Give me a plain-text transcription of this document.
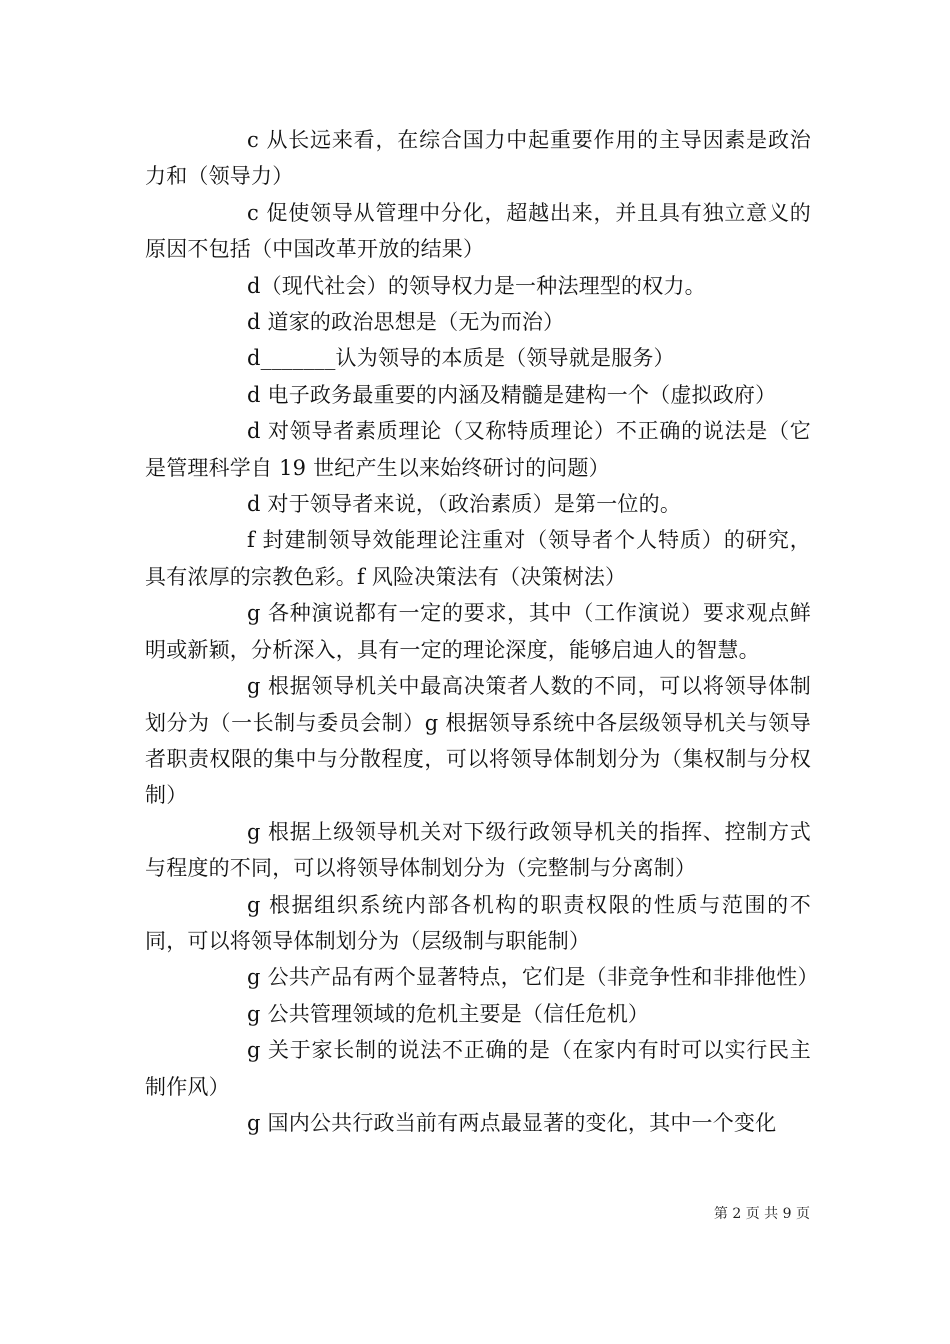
c 从长远来看，在综合国力中起重要作用的主导因素是政治力和（领导力）

c 促使领导从管理中分化，超越出来，并且具有独立意义的原因不包括（中国改革开放的结果）

d（现代社会）的领导权力是一种法理型的权力。

d 道家的政治思想是（无为而治）

d_______认为领导的本质是（领导就是服务）

d 电子政务最重要的内涵及精髓是建构一个（虚拟政府）

d 对领导者素质理论（又称特质理论）不正确的说法是（它是管理科学自 19 世纪产生以来始终研讨的问题）

d 对于领导者来说，（政治素质）是第一位的。

f 封建制领导效能理论注重对（领导者个人特质）的研究，具有浓厚的宗教色彩。f 风险决策法有（决策树法）

g 各种演说都有一定的要求，其中（工作演说）要求观点鲜明或新颖，分析深入，具有一定的理论深度，能够启迪人的智慧。

g 根据领导机关中最高决策者人数的不同，可以将领导体制划分为（一长制与委员会制）g 根据领导系统中各层级领导机关与领导者职责权限的集中与分散程度，可以将领导体制划分为（集权制与分权制）

g 根据上级领导机关对下级行政领导机关的指挥、控制方式与程度的不同，可以将领导体制划分为（完整制与分离制）

g 根据组织系统内部各机构的职责权限的性质与范围的不同，可以将领导体制划分为（层级制与职能制）

g 公共产品有两个显著特点，它们是（非竞争性和非排他性）

g 公共管理领域的危机主要是（信任危机）

g 关于家长制的说法不正确的是（在家内有时可以实行民主制作风）

g 国内公共行政当前有两点最显著的变化，其中一个变化

第 2 页 共 9 页
